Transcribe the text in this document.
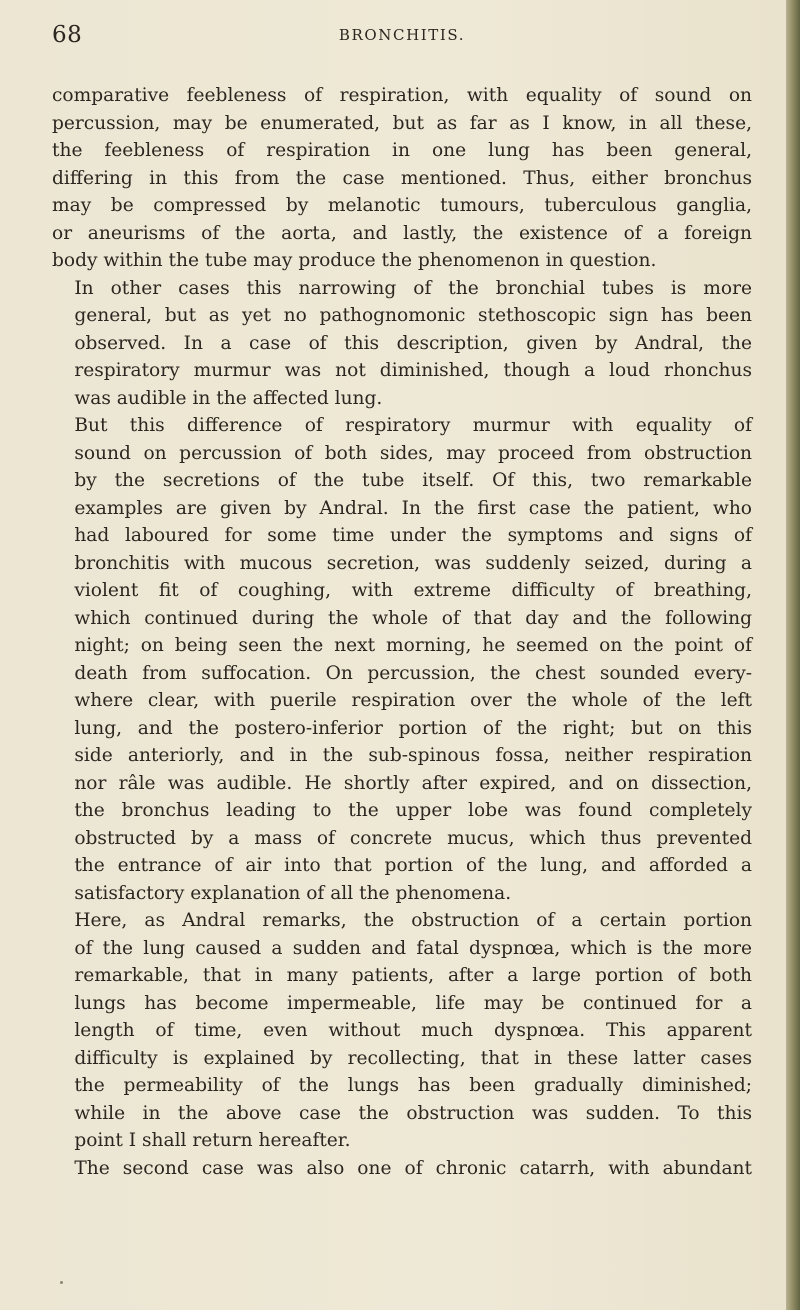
68	BRONCHITIS.

comparative feebleness of respiration, with equality of sound on
percussion, may be enumerated, but as far as I know, in all these,
the feebleness of respiration in one lung has been general,
differing in this from the case mentioned. Thus, either bronchus
may be compressed by melanotic tumours, tuberculous ganglia,
or aneurisms of the aorta, and lastly, the existence of a foreign
body within the tube may produce the phenomenon in question.

In other cases this narrowing of the bronchial tubes is more
general, but as yet no pathognomonic stethoscopic sign has been
observed. In a case of this description, given by Andral, the
respiratory murmur was not diminished, though a loud rhonchus
was audible in the affected lung.

But this difference of respiratory murmur with equality of
sound on percussion of both sides, may proceed from obstruction
by the secretions of the tube itself. Of this, two remarkable
examples are given by Andral. In the first case the patient, who
had laboured for some time under the symptoms and signs of
bronchitis with mucous secretion, was suddenly seized, during a
violent fit of coughing, with extreme difficulty of breathing,
which continued during the whole of that day and the following
night; on being seen the next morning, he seemed on the point of
death from suffocation. On percussion, the chest sounded every-
where clear, with puerile respiration over the whole of the left
lung, and the postero-inferior portion of the right; but on this
side anteriorly, and in the sub-spinous fossa, neither respiration
nor râle was audible. He shortly after expired, and on dissection,
the bronchus leading to the upper lobe was found completely
obstructed by a mass of concrete mucus, which thus prevented
the entrance of air into that portion of the lung, and afforded a
satisfactory explanation of all the phenomena.

Here, as Andral remarks, the obstruction of a certain portion
of the lung caused a sudden and fatal dyspnœa, which is the more
remarkable, that in many patients, after a large portion of both
lungs has become impermeable, life may be continued for a
length of time, even without much dyspnœa. This apparent
difficulty is explained by recollecting, that in these latter cases
the permeability of the lungs has been gradually diminished;
while in the above case the obstruction was sudden. To this
point I shall return hereafter.

The second case was also one of chronic catarrh, with abundant
